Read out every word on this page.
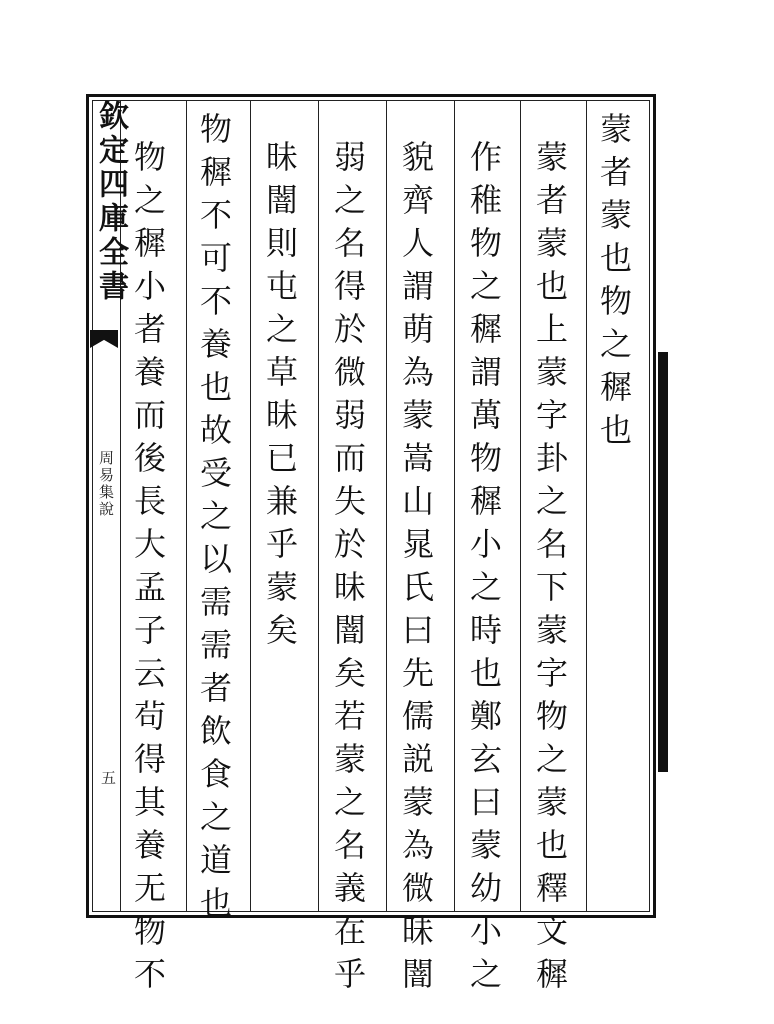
欽定四庫全書
周易集說
五
蒙者蒙也物之穉也
蒙者蒙也上蒙字卦之名下蒙字物之蒙也釋文穉
作稚物之穉謂萬物穉小之時也鄭玄曰蒙幼小之
貌齊人謂萌為蒙嵩山晁氏曰先儒説蒙為微昧闇
弱之名得於微弱而失於昧闇矣若蒙之名義在乎
昧闇則屯之草昧已兼乎蒙矣
物穉不可不養也故受之以需需者飲食之道也
物之穉小者養而後長大孟子云茍得其養无物不
